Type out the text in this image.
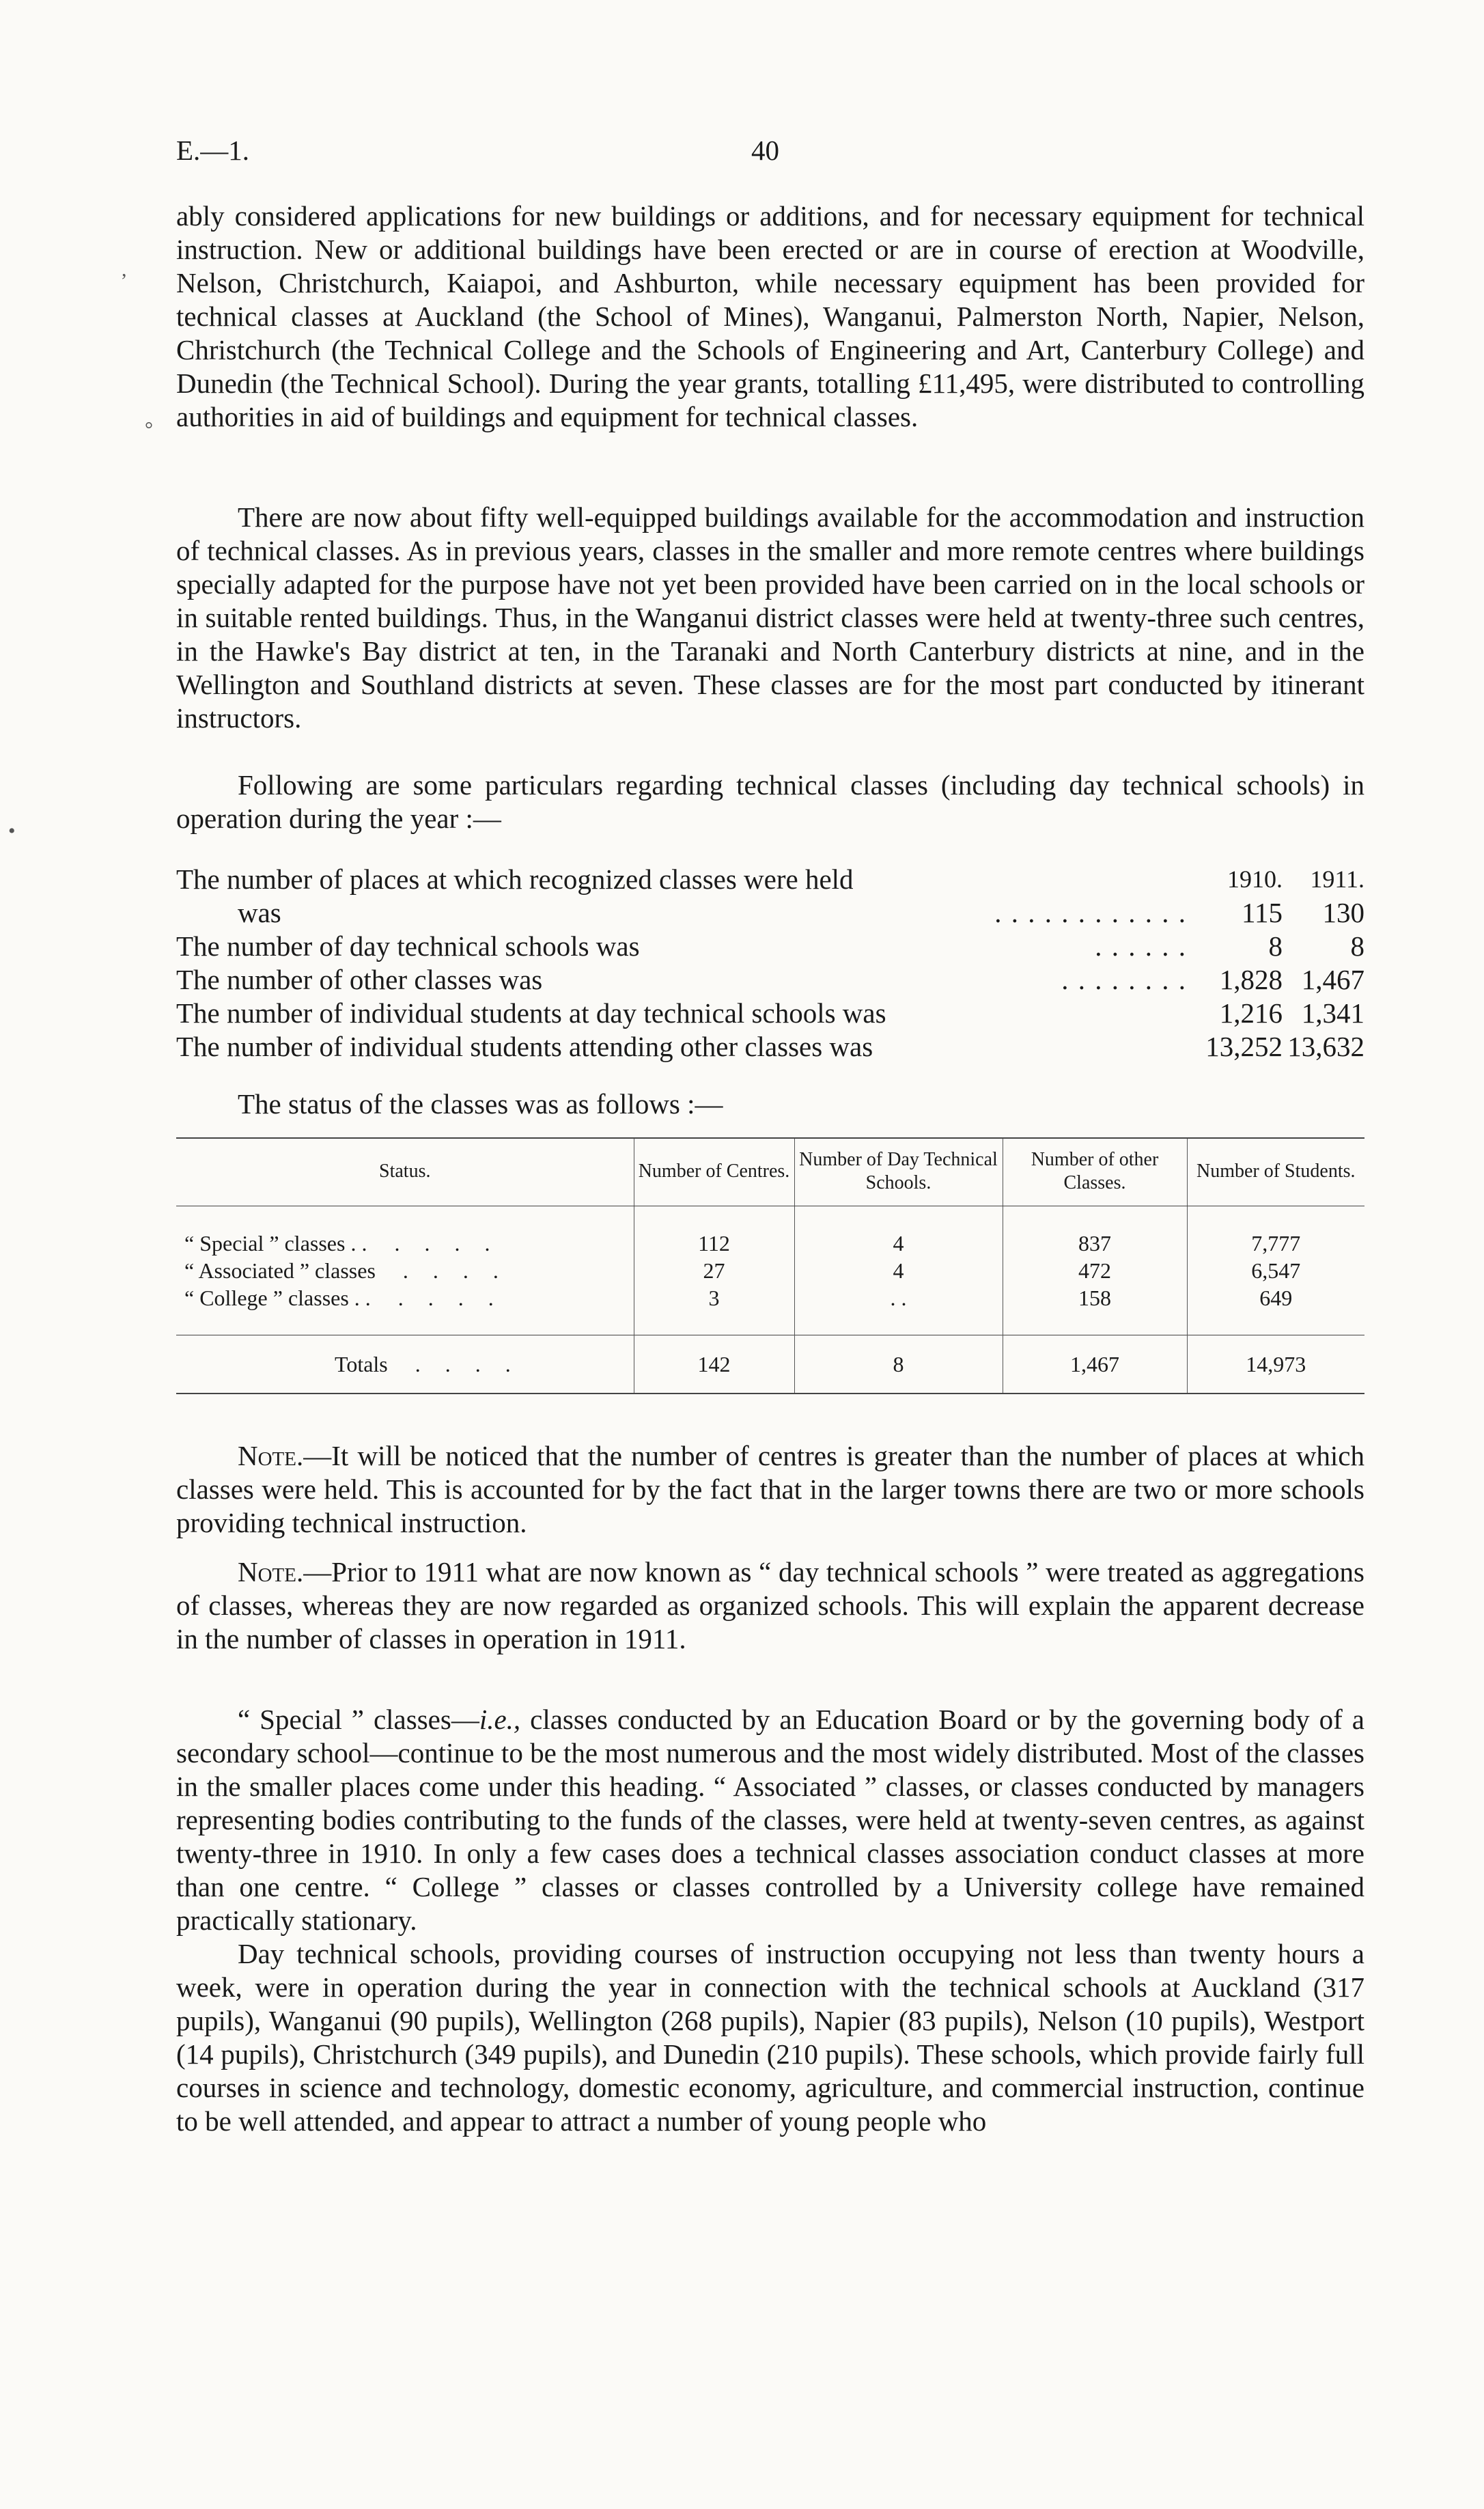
E.—1.	40
,
°
•

ably considered applications for new buildings or additions, and for necessary equipment for technical instruction. New or additional buildings have been erected or are in course of erection at Woodville, Nelson, Christchurch, Kaiapoi, and Ashburton, while necessary equipment has been provided for technical classes at Auckland (the School of Mines), Wanganui, Palmerston North, Napier, Nelson, Christchurch (the Technical College and the Schools of Engineering and Art, Canterbury College) and Dunedin (the Technical School). During the year grants, totalling £11,495, were distributed to controlling authorities in aid of buildings and equipment for technical classes.

There are now about fifty well-equipped buildings available for the accommodation and instruction of technical classes. As in previous years, classes in the smaller and more remote centres where buildings specially adapted for the purpose have not yet been provided have been carried on in the local schools or in suitable rented buildings. Thus, in the Wanganui district classes were held at twenty-three such centres, in the Hawke's Bay district at ten, in the Taranaki and North Canterbury districts at nine, and in the Wellington and Southland districts at seven. These classes are for the most part conducted by itinerant instructors.

Following are some particulars regarding technical classes (including day technical schools) in operation during the year :—

The number of places at which recognized classes were held	1910.	1911.
was	. . . . . . . . . . . .	115	130
The number of day technical schools was	. . . . . .	8	8
The number of other classes was	. . . . . . . .	1,828 1,467
The number of individual students at day technical schools was	1,216 1,341
The number of individual students attending other classes was	13,252 13,632
The status of the classes was as follows :—
Status.	Number of Centres.	Number of Day Technical Schools.	Number of other Classes.	Number of Students.

“ Special ” classes . . . . . .	112	4	837	7,777
“ Associated ” classes . . . .	27	4	472	6,547
“ College ” classes . . . . . .	3	. .	158	649

Totals . . . .	142	8	1,467	14,973

Note.—It will be noticed that the number of centres is greater than the number of places at which classes were held. This is accounted for by the fact that in the larger towns there are two or more schools providing technical instruction.

Note.—Prior to 1911 what are now known as “ day technical schools ” were treated as aggregations of classes, whereas they are now regarded as organized schools. This will explain the apparent decrease in the number of classes in operation in 1911.

“ Special ” classes—i.e., classes conducted by an Education Board or by the governing body of a secondary school—continue to be the most numerous and the most widely distributed. Most of the classes in the smaller places come under this heading. “ Associated ” classes, or classes conducted by managers representing bodies contributing to the funds of the classes, were held at twenty-seven centres, as against twenty-three in 1910. In only a few cases does a technical classes association conduct classes at more than one centre. “ College ” classes or classes controlled by a University college have remained practically stationary.

Day technical schools, providing courses of instruction occupying not less than twenty hours a week, were in operation during the year in connection with the technical schools at Auckland (317 pupils), Wanganui (90 pupils), Wellington (268 pupils), Napier (83 pupils), Nelson (10 pupils), Westport (14 pupils), Christchurch (349 pupils), and Dunedin (210 pupils). These schools, which provide fairly full courses in science and technology, domestic economy, agriculture, and commercial instruction, continue to be well attended, and appear to attract a number of young people who
